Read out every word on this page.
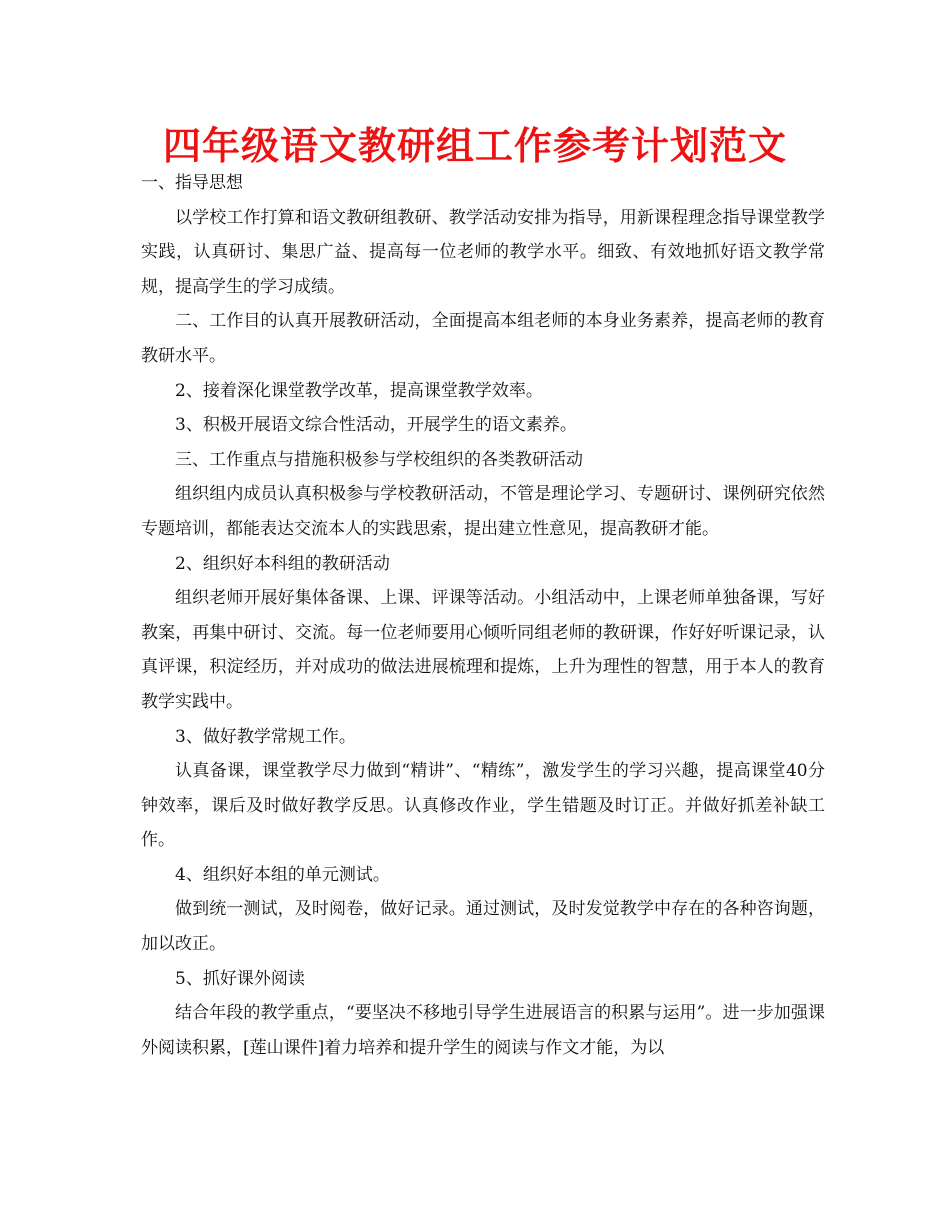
四年级语文教研组工作参考计划范文

一、指导思想

以学校工作打算和语文教研组教研、教学活动安排为指导，用新课程理念指导课堂教学实践，认真研讨、集思广益、提高每一位老师的教学水平。细致、有效地抓好语文教学常规，提高学生的学习成绩。

二、工作目的认真开展教研活动，全面提高本组老师的本身业务素养，提高老师的教育教研水平。

2、接着深化课堂教学改革，提高课堂教学效率。

3、积极开展语文综合性活动，开展学生的语文素养。

三、工作重点与措施积极参与学校组织的各类教研活动

组织组内成员认真积极参与学校教研活动，不管是理论学习、专题研讨、课例研究依然专题培训，都能表达交流本人的实践思索，提出建立性意见，提高教研才能。

2、组织好本科组的教研活动

组织老师开展好集体备课、上课、评课等活动。小组活动中，上课老师单独备课，写好教案，再集中研讨、交流。每一位老师要用心倾听同组老师的教研课，作好好听课记录，认真评课，积淀经历，并对成功的做法进展梳理和提炼，上升为理性的智慧，用于本人的教育教学实践中。

3、做好教学常规工作。

认真备课，课堂教学尽力做到“精讲”、“精练”，激发学生的学习兴趣，提高课堂40分钟效率，课后及时做好教学反思。认真修改作业，学生错题及时订正。并做好抓差补缺工作。

4、组织好本组的单元测试。

做到统一测试，及时阅卷，做好记录。通过测试，及时发觉教学中存在的各种咨询题，加以改正。

5、抓好课外阅读

结合年段的教学重点，“要坚决不移地引导学生进展语言的积累与运用”。进一步加强课外阅读积累，[莲山课件]着力培养和提升学生的阅读与作文才能，为以
